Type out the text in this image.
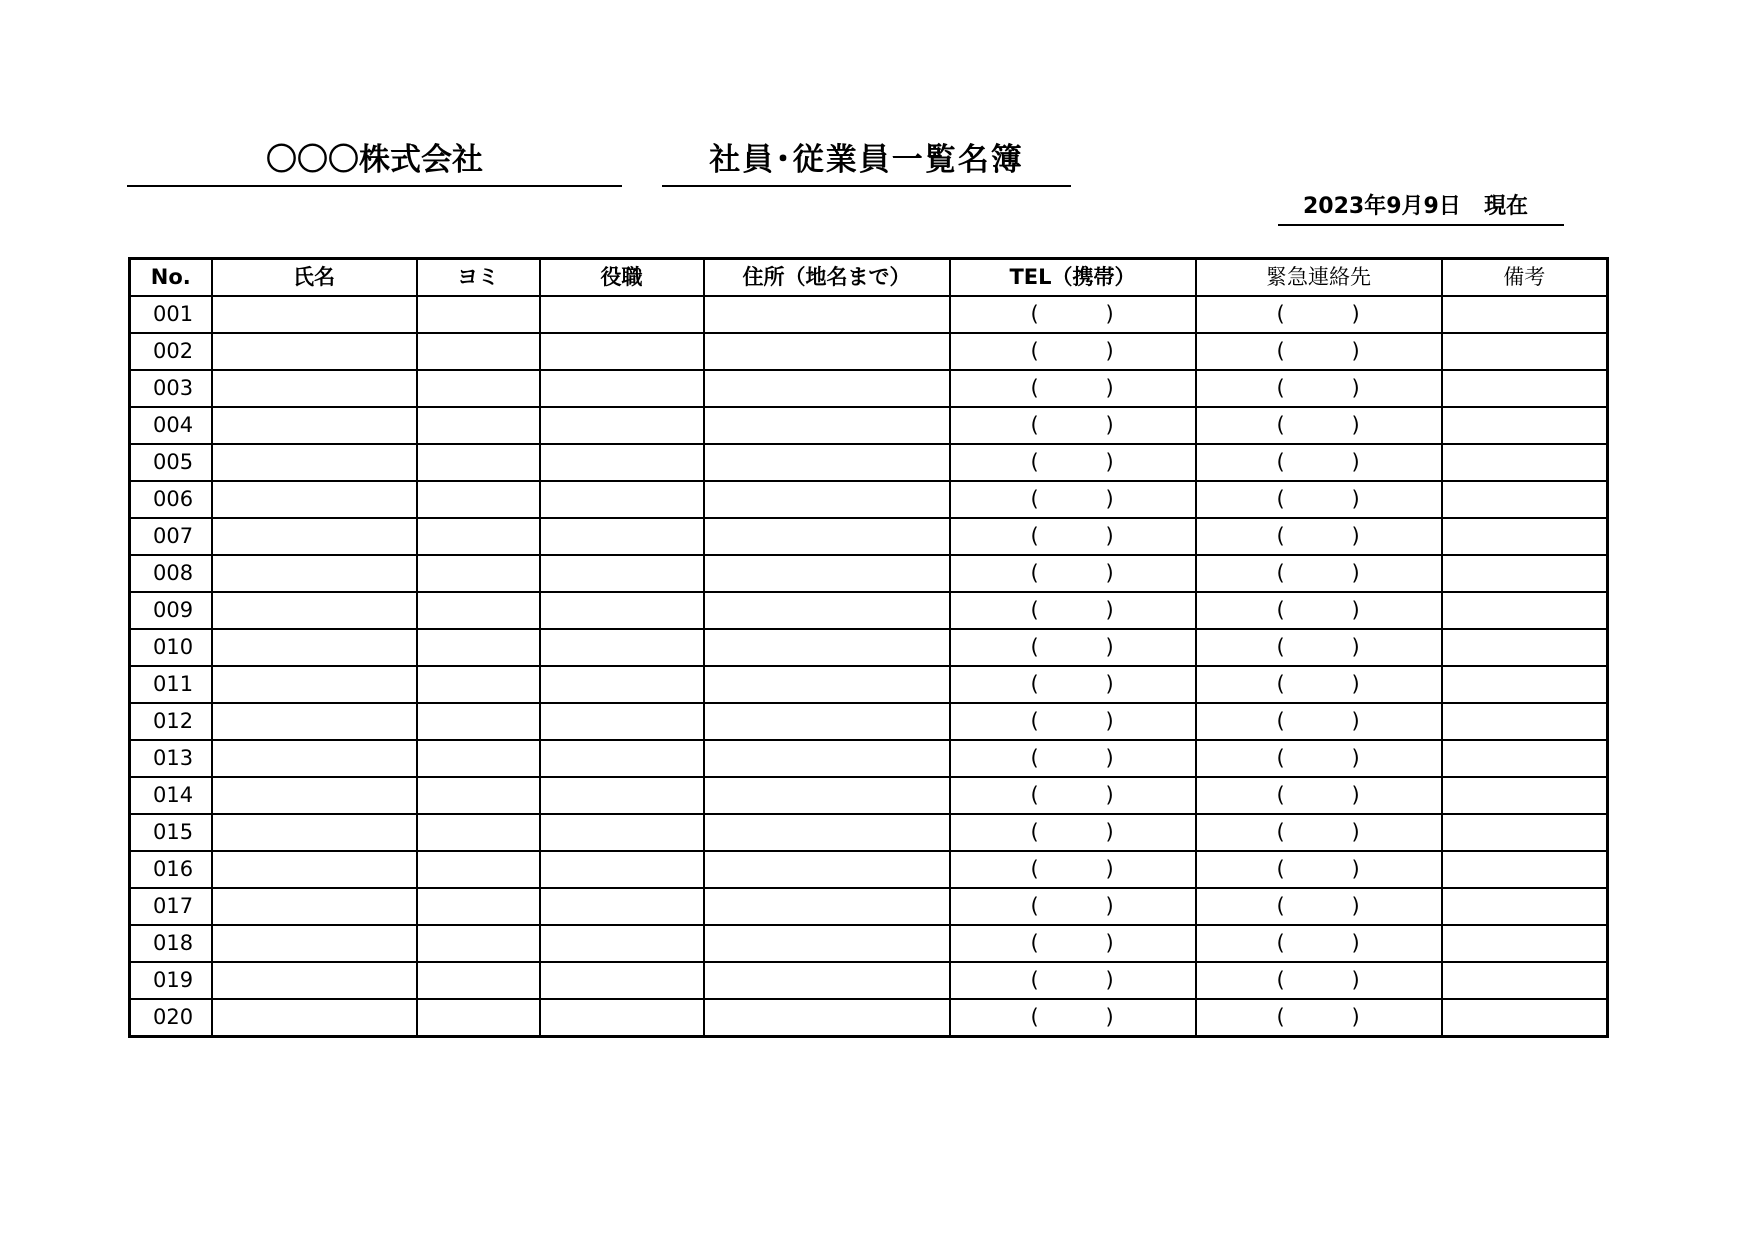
〇〇〇株式会社	社員･従業員一覧名簿
2023年9月9日 現在
No.	氏名	ヨミ	役職	住所（地名まで）	TEL（携帯）	緊急連絡先	備考
001					( )	( )	

002					( )	( )	

003					( )	( )	

004					( )	( )	

005					( )	( )	

006					( )	( )	

007					( )	( )	

008					( )	( )	

009					( )	( )	

010					( )	( )	

011					( )	( )	

012					( )	( )	

013					( )	( )	

014					( )	( )	

015					( )	( )	

016					( )	( )	

017					( )	( )	

018					( )	( )	

019					( )	( )	

020					( )	( )	
